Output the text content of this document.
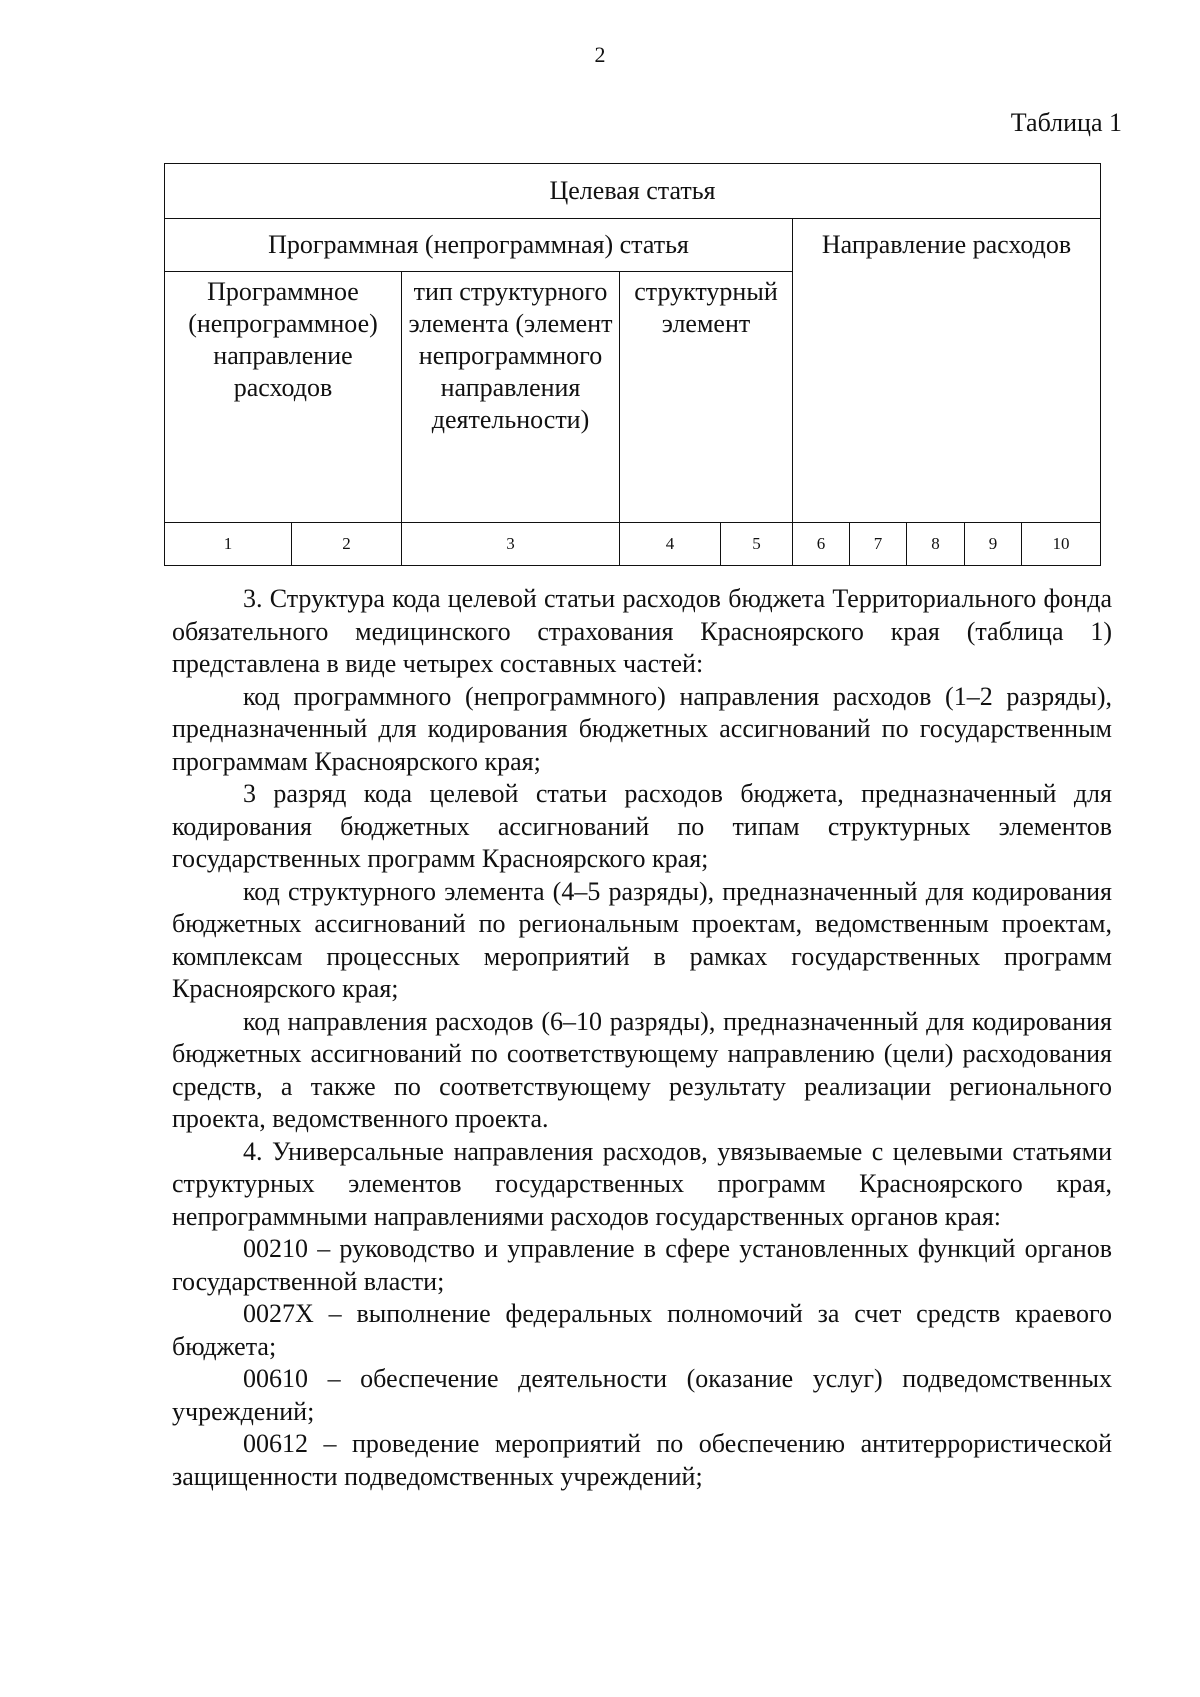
2
Таблица 1
Целевая статья									
Программная (непрограммная) статья					Направление расходов				
Программное (непрограммное) направление расходов		тип структурного элемента (элемент непрограммного направления деятельности)	структурный элемент						
1	2	3	4	5	6	7	8	9	10

3. Структура кода целевой статьи расходов бюджета Территориального фонда обязательного медицинского страхования Красноярского края (таблица 1) представлена в виде четырех составных частей:

код программного (непрограммного) направления расходов (1–2 разряды), предназначенный для кодирования бюджетных ассигнований по государственным программам Красноярского края;

3 разряд кода целевой статьи расходов бюджета, предназначенный для кодирования бюджетных ассигнований по типам структурных элементов государственных программ Красноярского края;

код структурного элемента (4–5 разряды), предназначенный для кодирования бюджетных ассигнований по региональным проектам, ведомственным проектам, комплексам процессных мероприятий в рамках государственных программ Красноярского края;

код направления расходов (6–10 разряды), предназначенный для кодирования бюджетных ассигнований по соответствующему направлению (цели) расходования средств, а также по соответствующему результату реализации регионального проекта, ведомственного проекта.

4. Универсальные направления расходов, увязываемые с целевыми статьями структурных элементов государственных программ Красноярского края, непрограммными направлениями расходов государственных органов края:

00210 – руководство и управление в сфере установленных функций органов государственной власти;

0027Х – выполнение федеральных полномочий за счет средств краевого бюджета;

00610 – обеспечение деятельности (оказание услуг) подведомственных учреждений;

00612 – проведение мероприятий по обеспечению антитеррористической защищенности подведомственных учреждений;
